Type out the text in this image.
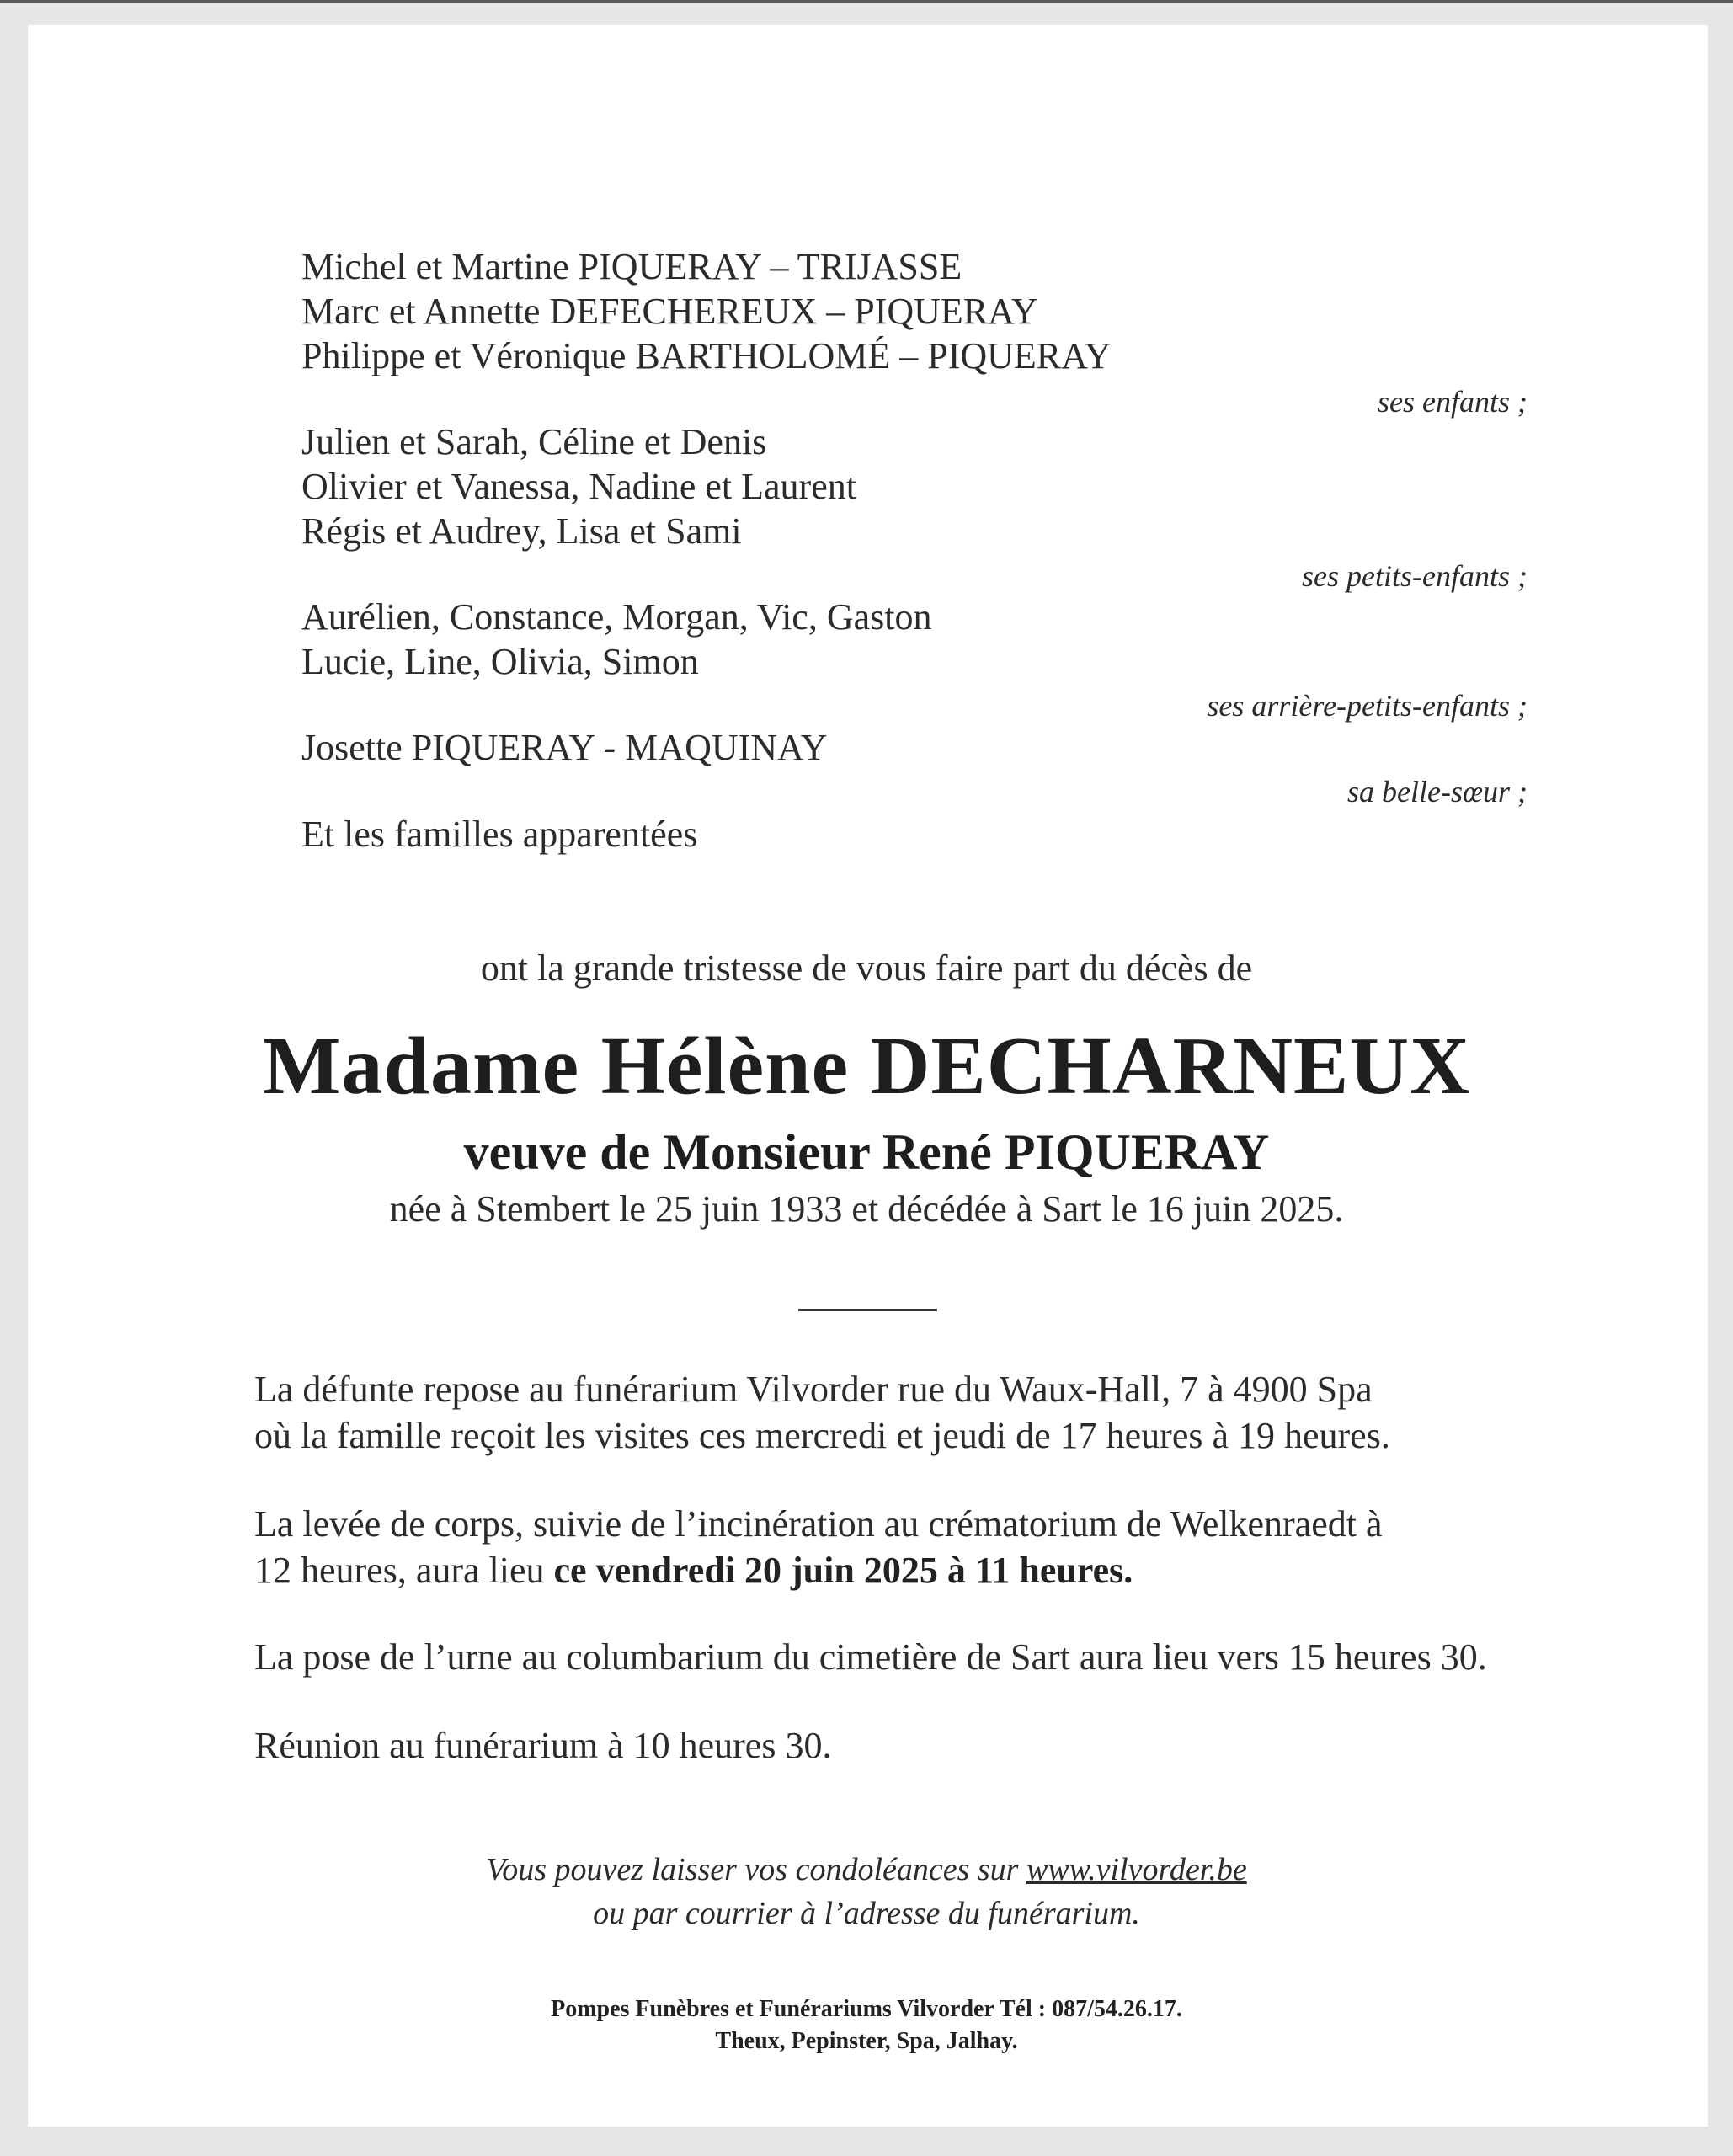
Michel et Martine PIQUERAY – TRIJASSE
Marc et Annette DEFECHEREUX – PIQUERAY
Philippe et Véronique BARTHOLOMÉ – PIQUERAY
ses enfants ;
Julien et Sarah, Céline et Denis
Olivier et Vanessa, Nadine et Laurent
Régis et Audrey, Lisa et Sami
ses petits-enfants ;
Aurélien, Constance, Morgan, Vic, Gaston
Lucie, Line, Olivia, Simon
ses arrière-petits-enfants ;
Josette PIQUERAY - MAQUINAY
sa belle-sœur ;
Et les familles apparentées
ont la grande tristesse de vous faire part du décès de
Madame Hélène DECHARNEUX
veuve de Monsieur René PIQUERAY
née à Stembert le 25 juin 1933 et décédée à Sart le 16 juin 2025.
La défunte repose au funérarium Vilvorder rue du Waux-Hall, 7 à 4900 Spa
où la famille reçoit les visites ces mercredi et jeudi de 17 heures à 19 heures.
La levée de corps, suivie de l’incinération au crématorium de Welkenraedt à
12 heures, aura lieu ce vendredi 20 juin 2025 à 11 heures.
La pose de l’urne au columbarium du cimetière de Sart aura lieu vers 15 heures 30.
Réunion au funérarium à 10 heures 30.
Vous pouvez laisser vos condoléances sur www.vilvorder.be
ou par courrier à l’adresse du funérarium.
Pompes Funèbres et Funérariums Vilvorder Tél : 087/54.26.17.
Theux, Pepinster, Spa, Jalhay.
